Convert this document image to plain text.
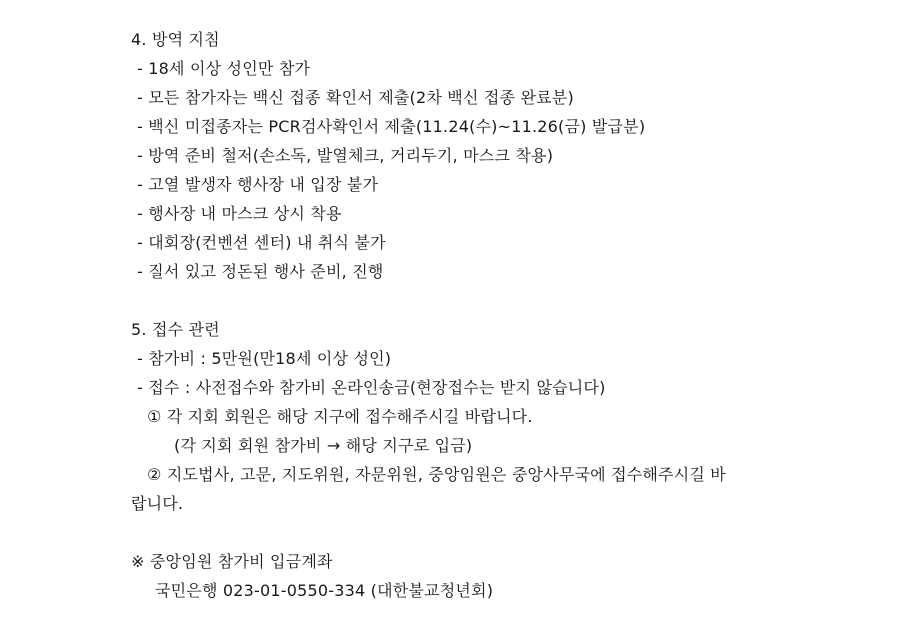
4. 방역 지침
- 18세 이상 성인만 참가
- 모든 참가자는 백신 접종 확인서 제출(2차 백신 접종 완료분)
- 백신 미접종자는 PCR검사확인서 제출(11.24(수)~11.26(금) 발급분)
- 방역 준비 철저(손소독, 발열체크, 거리두기, 마스크 착용)
- 고열 발생자 행사장 내 입장 불가
- 행사장 내 마스크 상시 착용
- 대회장(컨벤션 센터) 내 취식 불가
- 질서 있고 정돈된 행사 준비, 진행
5. 접수 관련
- 참가비 : 5만원(만18세 이상 성인)
- 접수 : 사전접수와 참가비 온라인송금(현장접수는 받지 않습니다)
① 각 지회 회원은 해당 지구에 접수해주시길 바랍니다.
(각 지회 회원 참가비 → 해당 지구로 입금)
② 지도법사, 고문, 지도위원, 자문위원, 중앙임원은 중앙사무국에 접수해주시길 바
랍니다.
※ 중앙임원 참가비 입금계좌
국민은행 023-01-0550-334 (대한불교청년회)
